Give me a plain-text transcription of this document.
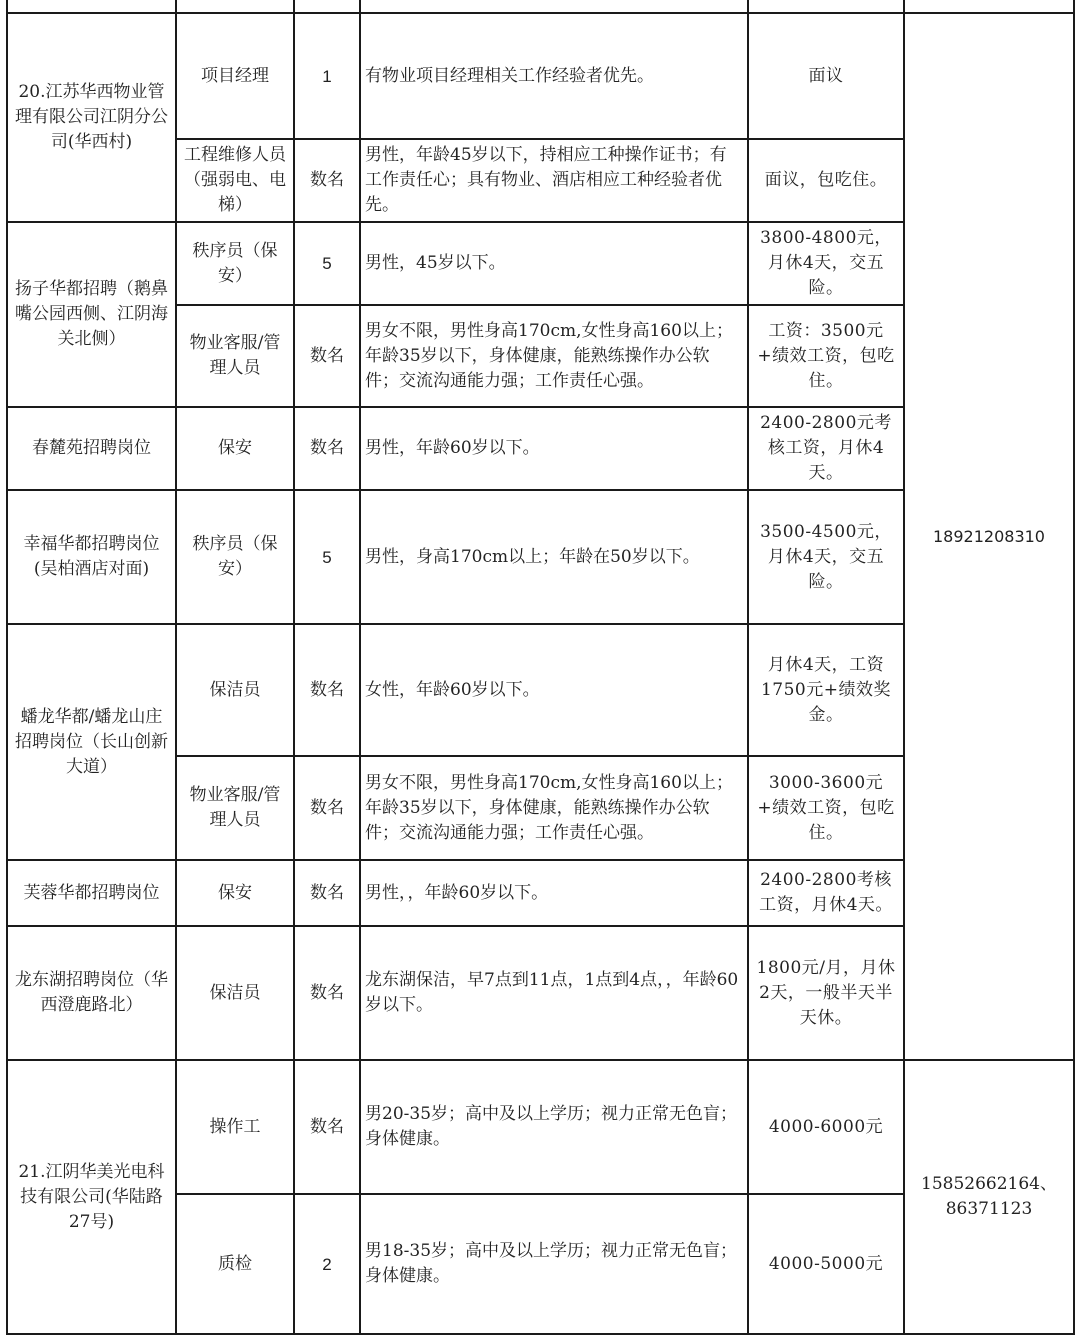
20.江苏华西物业管理有限公司江阴分公司(华西村)	项目经理	1	有物业项目经理相关工作经验者优先。	面议	18921208310
	工程维修人员（强弱电、电梯）	数名	男性，年龄45岁以下，持相应工种操作证书；有工作责任心；具有物业、酒店相应工种经验者优先。	面议，包吃住。	
扬子华都招聘（鹅鼻嘴公园西侧、江阴海关北侧）	秩序员（保安）	5	男性，45岁以下。	3800-4800元，月休4天，交五险。	
	物业客服/管理人员	数名	男女不限，男性身高170cm,女性身高160以上；年龄35岁以下，身体健康，能熟练操作办公软件；交流沟通能力强；工作责任心强。	工资：3500元+绩效工资，包吃住。	
春麓苑招聘岗位	保安	数名	男性，年龄60岁以下。	2400-2800元考核工资，月休4天。	
幸福华都招聘岗位(吴柏酒店对面)	秩序员（保安）	5	男性，身高170cm以上；年龄在50岁以下。	3500-4500元，月休4天，交五险。	
蟠龙华都/蟠龙山庄招聘岗位（长山创新大道）	保洁员	数名	女性，年龄60岁以下。	月休4天，工资1750元+绩效奖金。	
	物业客服/管理人员	数名	男女不限，男性身高170cm,女性身高160以上；年龄35岁以下，身体健康，能熟练操作办公软件；交流沟通能力强；工作责任心强。	3000-3600元+绩效工资，包吃住。	
芙蓉华都招聘岗位	保安	数名	男性，，年龄60岁以下。	2400-2800考核工资，月休4天。	
龙东湖招聘岗位（华西澄鹿路北）	保洁员	数名	龙东湖保洁，早7点到11点，1点到4点，，年龄60岁以下。	1800元/月，月休2天，一般半天半天休。	
21.江阴华美光电科技有限公司(华陆路27号)	操作工	数名	男20-35岁；高中及以上学历；视力正常无色盲；身体健康。	4000-6000元	15852662164、86371123
	质检	2	男18-35岁；高中及以上学历；视力正常无色盲；身体健康。	4000-5000元	
